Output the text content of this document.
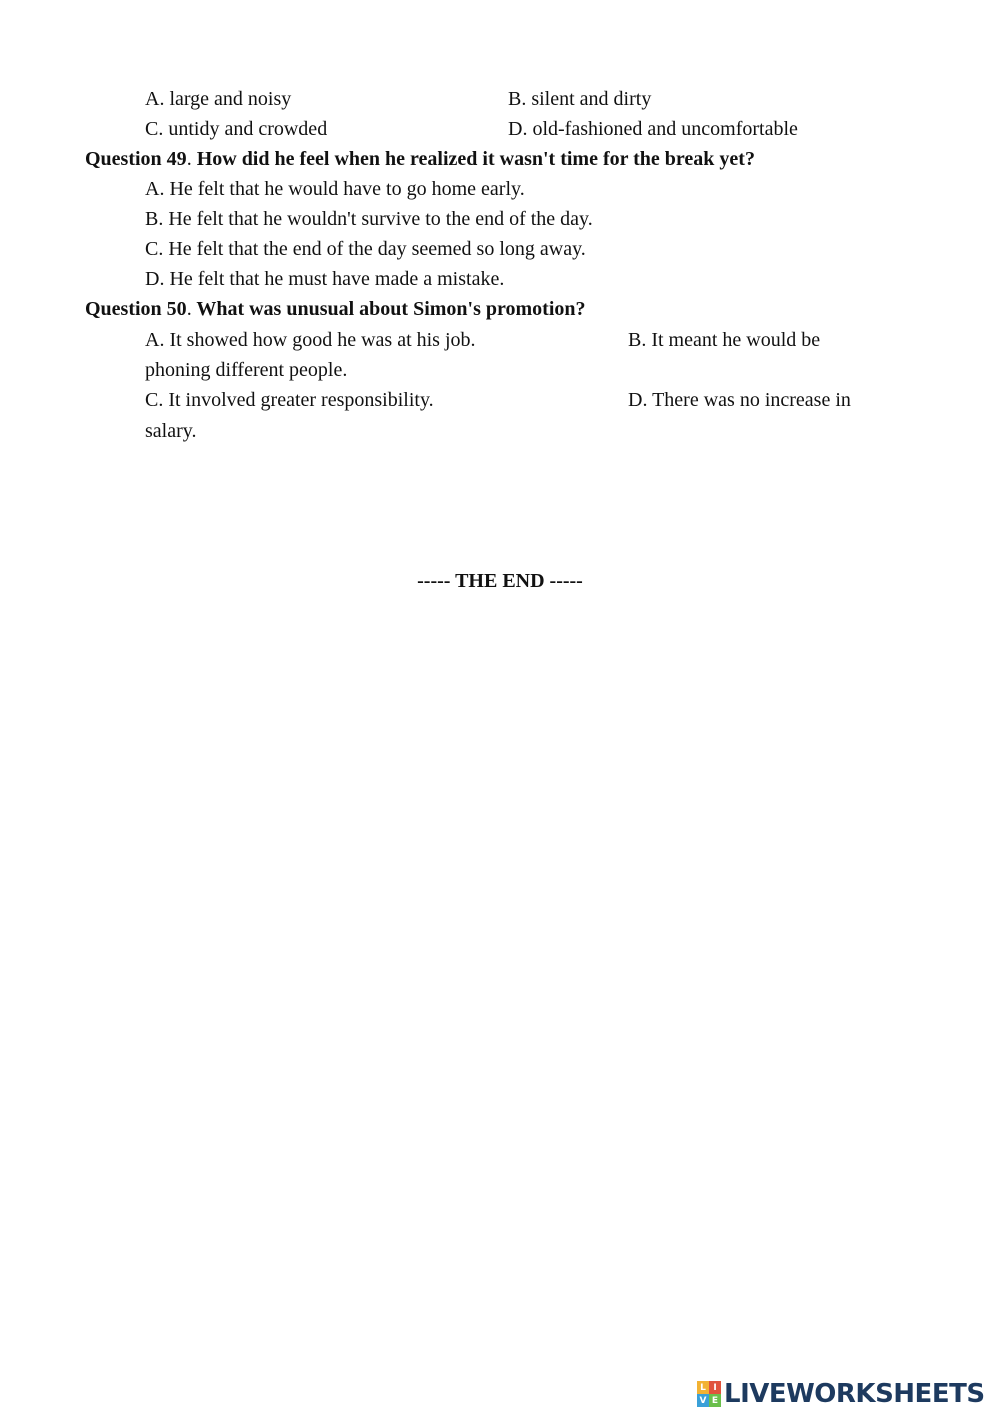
A. large and noisy	B. silent and dirty
C. untidy and crowded	D. old-fashioned and uncomfortable
Question 49. How did he feel when he realized it wasn't time for the break yet?
A. He felt that he would have to go home early.
B. He felt that he wouldn't survive to the end of the day.
C. He felt that the end of the day seemed so long away.
D. He felt that he must have made a mistake.
Question 50. What was unusual about Simon's promotion?
A. It showed how good he was at his job.	B. It meant he would be
phoning different people.
C. It involved greater responsibility.	D. There was no increase in
salary.
----- THE END -----
L I
V E LIVEWORKSHEETS
